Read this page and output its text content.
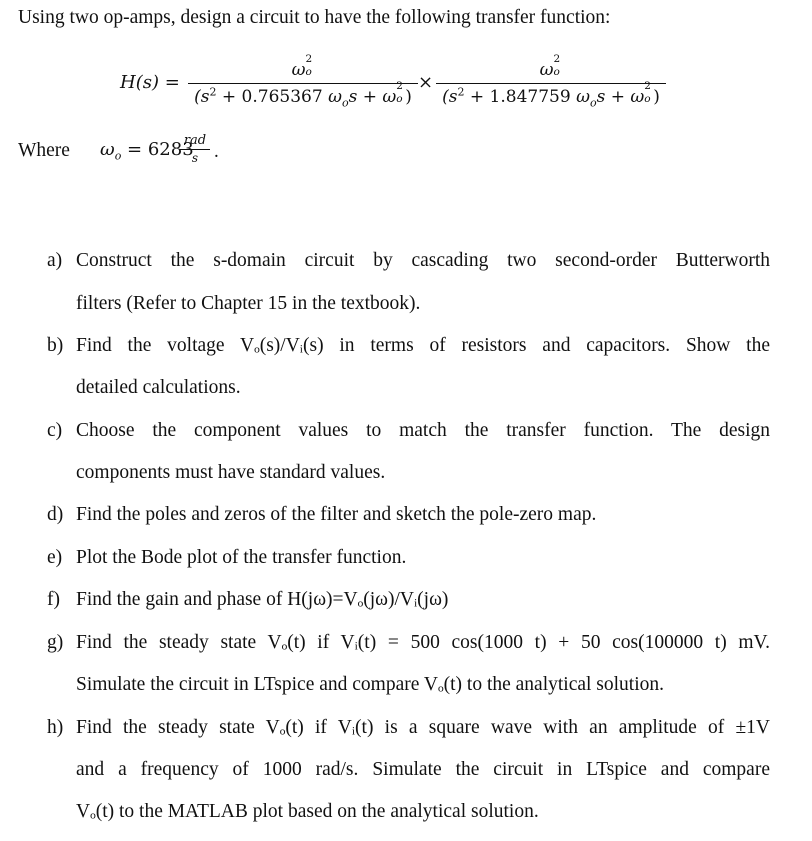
Using two op-amps, design a circuit to have the following transfer function:
H(s) =
ω
2
o
($s^2 + 0.765367$ $\omega_os + \omega$
2
o )
×
ω
2
o
($s^2 + 1.847759$ $\omega_os + \omega$
2
o )
Where $\omega_o = 6283$
rad
s .
a) Construct the s-domain circuit by cascading two second-order Butterworth
filters (Refer to Chapter 15 in the textbook).
b) Find the voltage Vₒ(s)/Vᵢ(s) in terms of resistors and capacitors. Show the
detailed calculations.
c) Choose the component values to match the transfer function. The design
components must have standard values.
d) Find the poles and zeros of the filter and sketch the pole-zero map.
e) Plot the Bode plot of the transfer function.
f) Find the gain and phase of H(jω)=Vₒ(jω)/Vᵢ(jω)
g) Find the steady state Vₒ(t) if Vᵢ(t) = 500 cos(1000 t) + 50 cos(100000 t) mV.
Simulate the circuit in LTspice and compare Vₒ(t) to the analytical solution.
h) Find the steady state Vₒ(t) if Vᵢ(t) is a square wave with an amplitude of ±1V
and a frequency of 1000 rad/s. Simulate the circuit in LTspice and compare
Vₒ(t) to the MATLAB plot based on the analytical solution.
